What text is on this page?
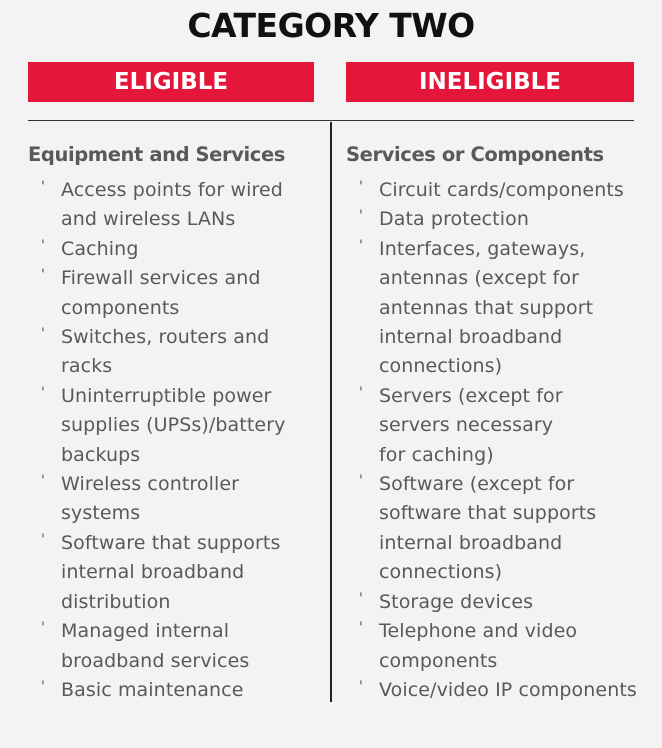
CATEGORY TWO
ELIGIBLE	INELIGIBLE
Equipment and Services
' Access points for wired
and wireless LANs
' Caching
' Firewall services and
components
' Switches, routers and
racks
' Uninterruptible power
supplies (UPSs)/battery
backups
' Wireless controller
systems
' Software that supports
internal broadband
distribution
' Managed internal
broadband services
' Basic maintenance
Services or Components
' Circuit cards/components
' Data protection
' Interfaces, gateways,
antennas (except for
antennas that support
internal broadband
connections)
' Servers (except for
servers necessary
for caching)
' Software (except for
software that supports
internal broadband
connections)
' Storage devices
' Telephone and video
components
' Voice/video IP components
